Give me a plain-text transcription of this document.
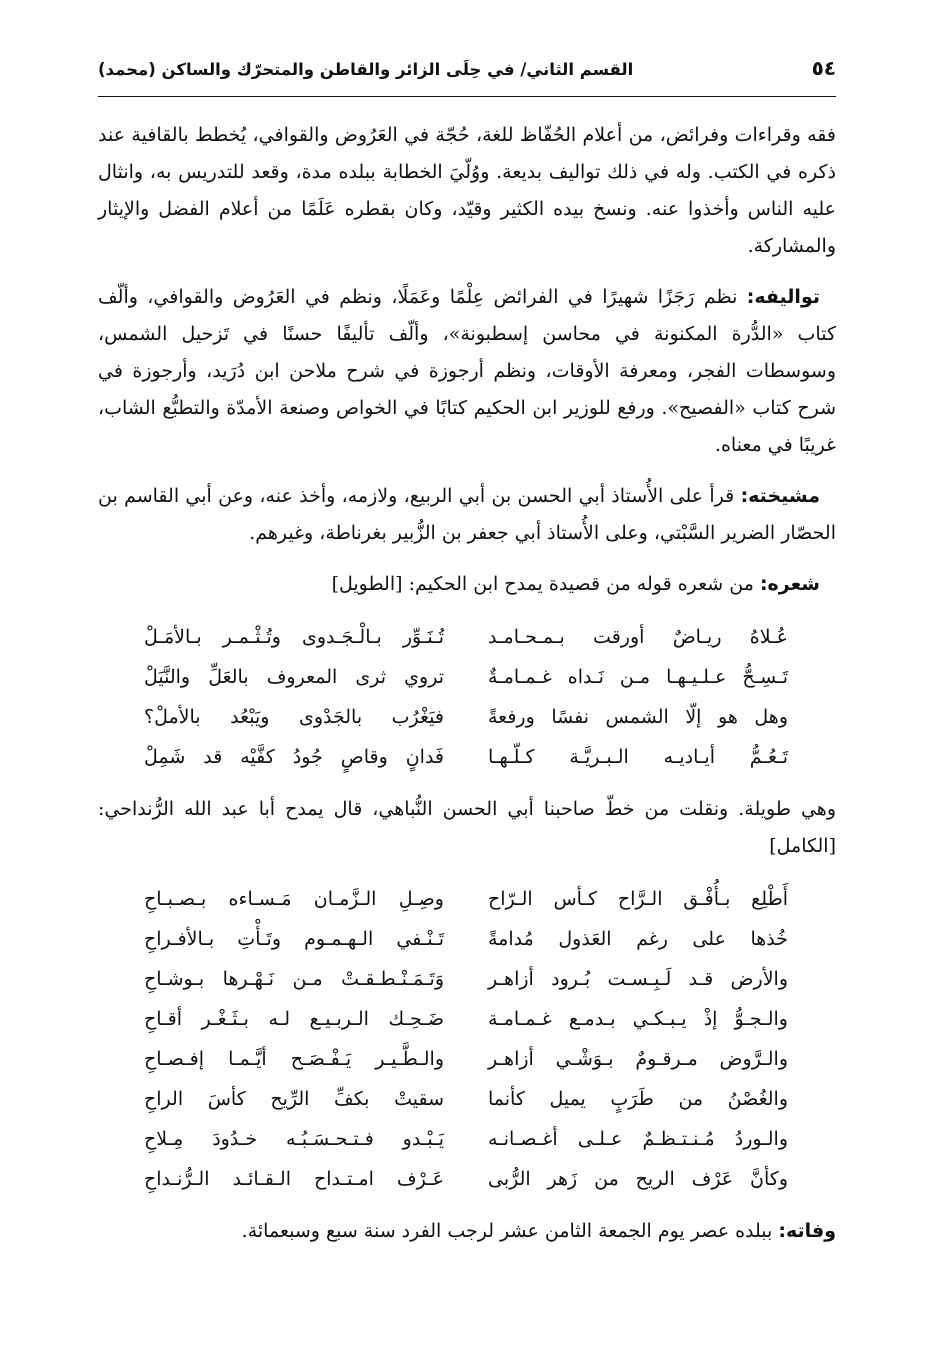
٥٤
القسم الثاني/ في حِلَى الزائر والقاطن والمتحرّك والساكن (محمد)

فقه وقراءات وفرائض، من أعلام الحُفّاظ للغة، حُجّة في العَرُوض والقوافي، يُخطط بالقافية عند ذكره في الكتب. وله في ذلك تواليف بديعة. ووُلّيَ الخطابة ببلده مدة، وقعد للتدريس به، وانثال عليه الناس وأخذوا عنه. ونسخ بيده الكثير وقيّد، وكان بقطره عَلَمًا من أعلام الفضل والإيثار والمشاركة.

تواليفه: نظم رَجَزًا شهيرًا في الفرائض عِلْمًا وعَمَلًا، ونظم في العَرُوض والقوافي، وألّف كتاب «الدُّرة المكنونة في محاسن إسطبونة»، وألّف تأليفًا حسنًا في تَزحيل الشمس، وسوسطات الفجر، ومعرفة الأوقات، ونظم أرجوزة في شرح ملاحن ابن دُرَيد، وأرجوزة في شرح كتاب «الفصيح». ورفع للوزير ابن الحكيم كتابًا في الخواص وصنعة الأمدّة والتطبُّع الشاب، غريبًا في معناه.

مشيخته: قرأ على الأُستاذ أبي الحسن بن أبي الربيع، ولازمه، وأخذ عنه، وعن أبي القاسم بن الحصّار الضرير السَّبْتي، وعلى الأُستاذ أبي جعفر بن الزُّبير بغرناطة، وغيرهم.

شعره: من شعره قوله من قصيدة يمدح ابن الحكيم: [الطويل]

عُـلاهُ ريـاضٌ أورقت بـمـحـامـد
تُـنَـوِّر بـالْـجَـدوى وتُـثْـمـر بـالأمَـلْ
تَـسِـحُّ عـلـيـهـا مـن نَـداه غـمـامـةٌ
تروي ثرى المعروف بالعَلِّ والنَّيَلْ
وهل هو إلّا الشمس نفسًا ورفعةً
فيَغْرُب بالجَدْوى ويَبْعُد بالأملْ؟
تَـعُـمُّ أيـاديـه الـبـريَّـة كـلّـهـا
فَدانٍ وقاصٍ جُودُ كفَّيْه قد شَمِلْ

وهي طويلة. ونقلت من خطّ صاحبنا أبي الحسن النُّباهي، قال يمدح أبا عبد الله الرُّنداحي: [الكامل]

أَطْلِع بـأُفْـق الـرَّاح كـأس الـرّاح
وصِـلِ الـزَّمـان مَـسـاءه بـصـبـاحِ
خُذها على رغم العَذول مُدامةً
تَـنْـفي الـهـمـوم وتَـأْتِ بـالأفـراحِ
والأرض قـد لَـبِـسـت بُـرود أزاهـر
وَتَـمَـنْـطـقـتْ مـن نَـهْـرها بـوشـاحِ
والـجـوُّ إذْ يـبـكـي بـدمـع غـمـامـة
ضَـحِـك الـربـيـع لـه بـثَـغْـر أقـاحِ
والـرَّوض مـرقـومٌ بـوَشْـي أزاهـر
والـطَّـيـر يَـفْـصَـح أيَّـمـا إفـصـاحِ
والغُصْنُ من طَرَبٍ يميل كأنما
سقيتْ بكفِّ الرِّيح كأسَ الراحِ
والـوردُ مُـنـتـظـمٌ عـلـى أغـصـانـه
يَـبْـدو فـتـحـسَـبُـه خـدُودَ مِـلاحِ
وكأنَّ عَرْف الريح من زَهر الرُّبى
عَـرْف امـتـداح الـقـائـد الـرُّنـداحِ

وفاته: ببلده عصر يوم الجمعة الثامن عشر لرجب الفرد سنة سبع وسبعمائة.
